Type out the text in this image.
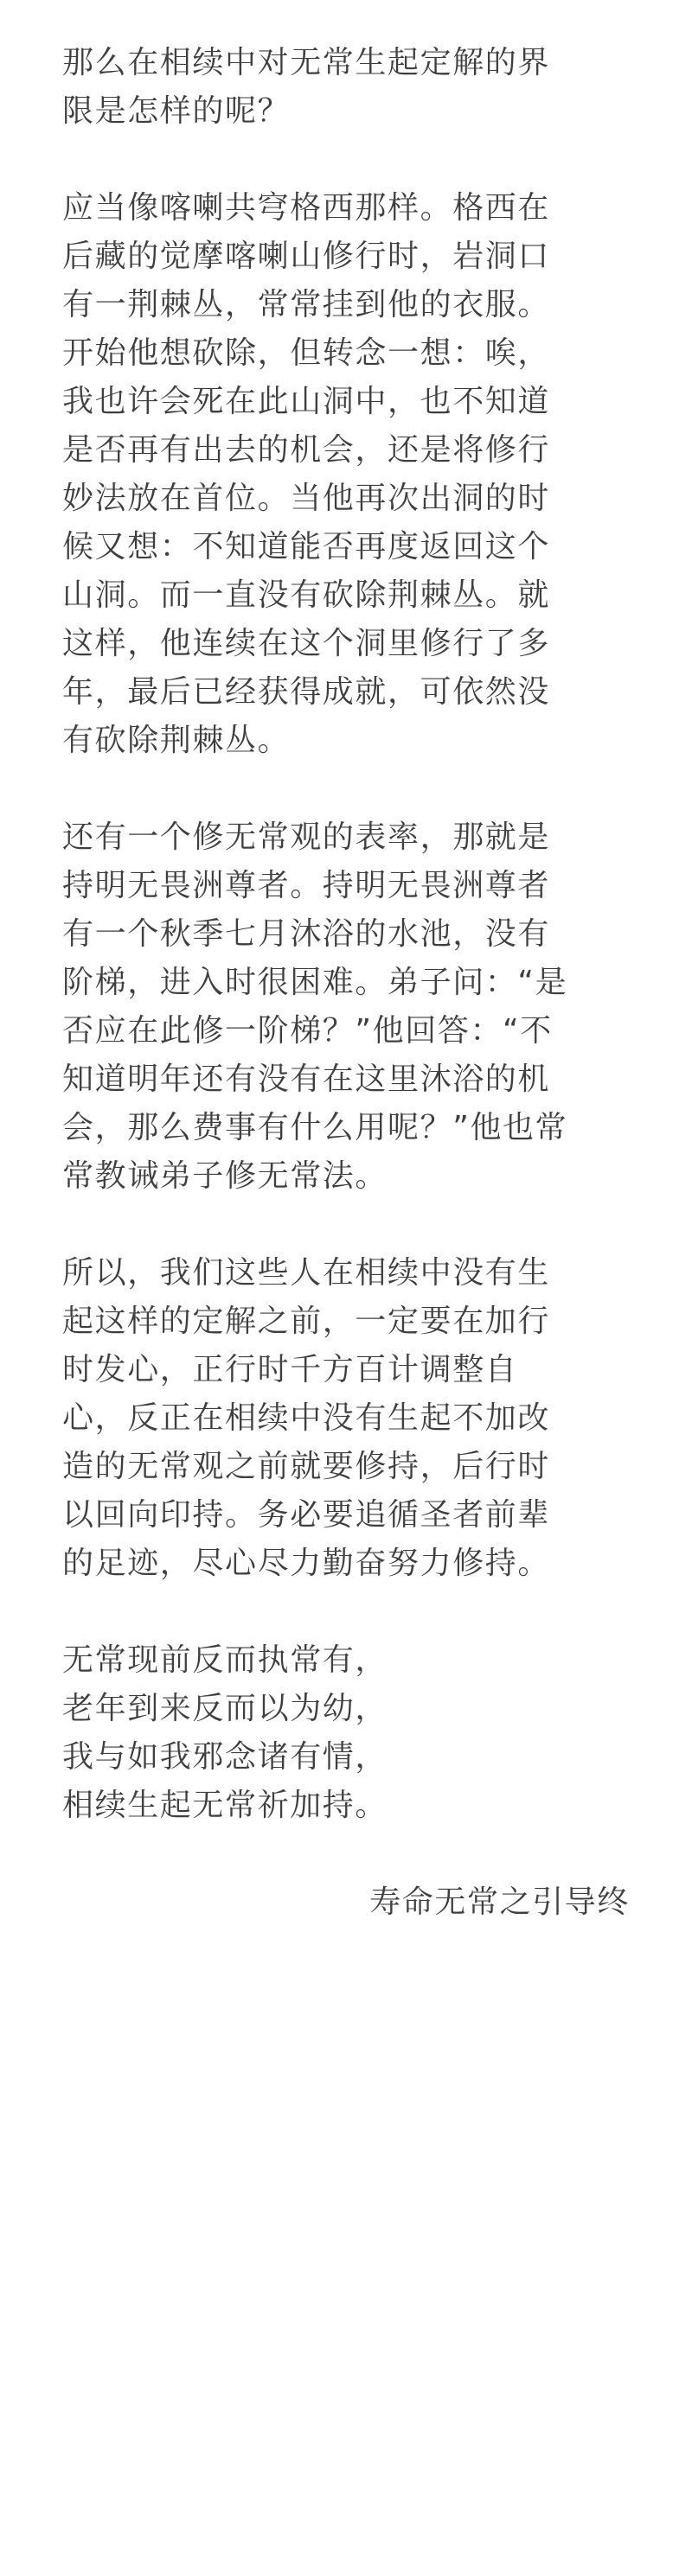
那么在相续中对无常生起定解的界
限是怎样的呢？

应当像喀喇共穹格西那样。格西在
后藏的觉摩喀喇山修行时，岩洞口
有一荆棘丛，常常挂到他的衣服。
开始他想砍除，但转念一想：唉，
我也许会死在此山洞中，也不知道
是否再有出去的机会，还是将修行
妙法放在首位。当他再次出洞的时
候又想：不知道能否再度返回这个
山洞。而一直没有砍除荆棘丛。就
这样，他连续在这个洞里修行了多
年，最后已经获得成就，可依然没
有砍除荆棘丛。

还有一个修无常观的表率，那就是
持明无畏洲尊者。持明无畏洲尊者
有一个秋季七月沐浴的水池，没有
阶梯，进入时很困难。弟子问：“是
否应在此修一阶梯？”他回答：“不
知道明年还有没有在这里沐浴的机
会，那么费事有什么用呢？”他也常
常教诫弟子修无常法。

所以，我们这些人在相续中没有生
起这样的定解之前，一定要在加行
时发心，正行时千方百计调整自
心，反正在相续中没有生起不加改
造的无常观之前就要修持，后行时
以回向印持。务必要追循圣者前辈
的足迹，尽心尽力勤奋努力修持。

无常现前反而执常有，
老年到来反而以为幼，
我与如我邪念诸有情，
相续生起无常祈加持。

寿命无常之引导终
